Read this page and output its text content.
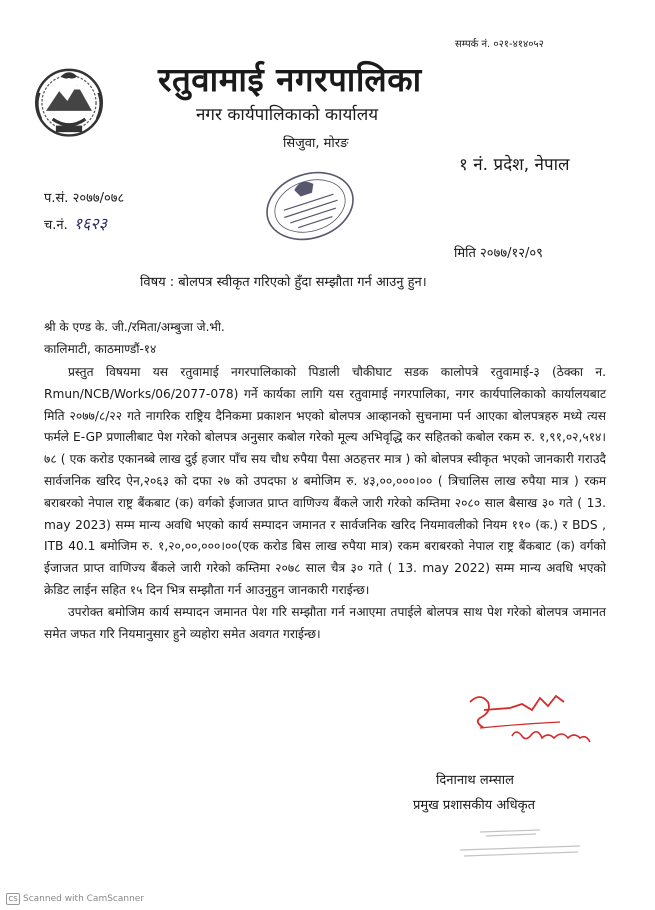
सम्पर्क नं. ०२१-४१४०५२
रतुवामाई नगरपालिका
नगर कार्यपालिकाको कार्यालय
सिजुवा, मोरङ
१ नं. प्रदेश, नेपाल
प.सं. २०७७/०७८
च.नं. १६२३
मिति २०७७/१२/०९
विषय : बोलपत्र स्वीकृत गरिएको हुँदा सम्झौता गर्न आउनु हुन।
श्री के एण्ड के. जी./रमिता/अम्बुजा जे.भी.
कालिमाटी, काठमाण्डौं-१४

प्रस्तुत विषयमा यस रतुवामाई नगरपालिकाको पिडाली चौकीघाट सडक कालोपत्रे रतुवामाई-३ (ठेक्का न. Rmun/NCB/Works/06/2077-078) गर्ने कार्यका लागि यस रतुवामाई नगरपालिका, नगर कार्यपालिकाको कार्यालयबाट मिति २०७७/८/२२ गते नागरिक राष्ट्रिय दैनिकमा प्रकाशन भएको बोलपत्र आव्हानको सुचनामा पर्न आएका बोलपत्रहरु मध्ये त्यस फर्मले E-GP प्रणालीबाट पेश गरेको बोलपत्र अनुसार कबोल गरेको मूल्य अभिवृद्धि कर सहितको कबोल रकम रु. १,९१,०२,५१४।७८ ( एक करोड एकानब्बे लाख दुई हजार पाँच सय चौध रुपैया पैसा अठहत्तर मात्र ) को बोलपत्र स्वीकृत भएको जानकारी गराउदै सार्वजनिक खरिद ऐन,२०६३ को दफा २७ को उपदफा ४ बमोजिम रु. ४३,००,०००।०० ( त्रिचालिस लाख रुपैया मात्र ) रकम बराबरको नेपाल राष्ट्र बैंकबाट (क) वर्गको ईजाजत प्राप्त वाणिज्य बैंकले जारी गरेको कम्तिमा २०८० साल बैसाख ३० गते ( 13. may 2023) सम्म मान्य अवधि भएको कार्य सम्पादन जमानत र सार्वजनिक खरिद नियमावलीको नियम ११० (क.) र BDS , ITB 40.1 बमोजिम रु. १,२०,००,०००।००(एक करोड बिस लाख रुपैया मात्र) रकम बराबरको नेपाल राष्ट्र बैंकबाट (क) वर्गको ईजाजत प्राप्त वाणिज्य बैंकले जारी गरेको कम्तिमा २०७८ साल चैत्र ३० गते ( 13. may 2022) सम्म मान्य अवधि भएको क्रेडिट लाईन सहित १५ दिन भित्र सम्झौता गर्न आउनुहुन जानकारी गराईन्छ।

उपरोक्त बमोजिम कार्य सम्पादन जमानत पेश गरि सम्झौता गर्न नआएमा तपाईले बोलपत्र साथ पेश गरेको बोलपत्र जमानत समेत जफत गरि नियमानुसार हुने व्यहोरा समेत अवगत गराईन्छ।

दिनानाथ लम्साल
प्रमुख प्रशासकीय अधिकृत
CS Scanned with CamScanner
